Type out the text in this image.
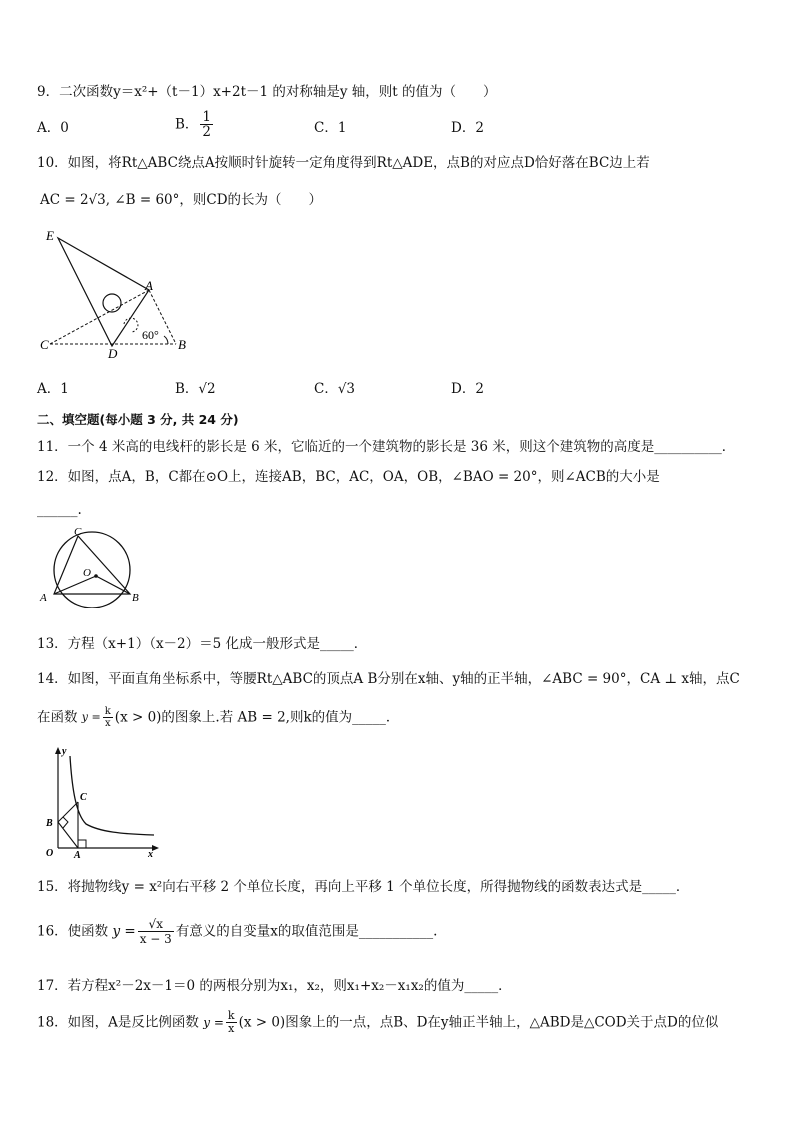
9．二次函数y＝x²+（t－1）x+2t－1 的对称轴是y 轴，则t 的值为（　　）
A．0	B． $\frac{1}{2}$	C．1	D．2
10．如图，将Rt△ABC绕点A按顺时针旋转一定角度得到Rt△ADE，点B的对应点D恰好落在BC边上若
AC = 2√3, ∠B = 60°，则CD的长为（　　）
E
A
C
D
B
60°
A．1	B．√2	C．√3	D．2
二、填空题(每小题 3 分, 共 24 分)
11．一个 4 米高的电线杆的影长是 6 米，它临近的一个建筑物的影长是 36 米，则这个建筑物的高度是__________．
12．如图，点A，B，C都在⊙O上，连接AB，BC，AC，OA，OB，∠BAO = 20°，则∠ACB的大小是
______.
C
O
A	B
13．方程（x+1）（x－2）＝5 化成一般形式是_____．
14．如图，平面直角坐标系中，等腰Rt△ABC的顶点A B分别在x轴、y轴的正半轴，∠ABC = 90°，CA ⊥ x轴，点C
在函数 $y = \frac{k}{x} (x > 0)$的图象上.若 AB = 2,则k的值为_____．
y
x
O A
B
C
15．将抛物线y = x²向右平移 2 个单位长度，再向上平移 1 个单位长度，所得抛物线的函数表达式是_____．
16．使函数 $y = \frac{√x}{x - 3}$ 有意义的自变量x的取值范围是___________.
17．若方程x²－2x－1＝0 的两根分别为x₁，x₂，则x₁+x₂－x₁x₂的值为_____．
18．如图，A是反比例函数 $y = \frac{k}{x} (x > 0)$图象上的一点，点B、D在y轴正半轴上，△ABD是△COD关于点D的位似
